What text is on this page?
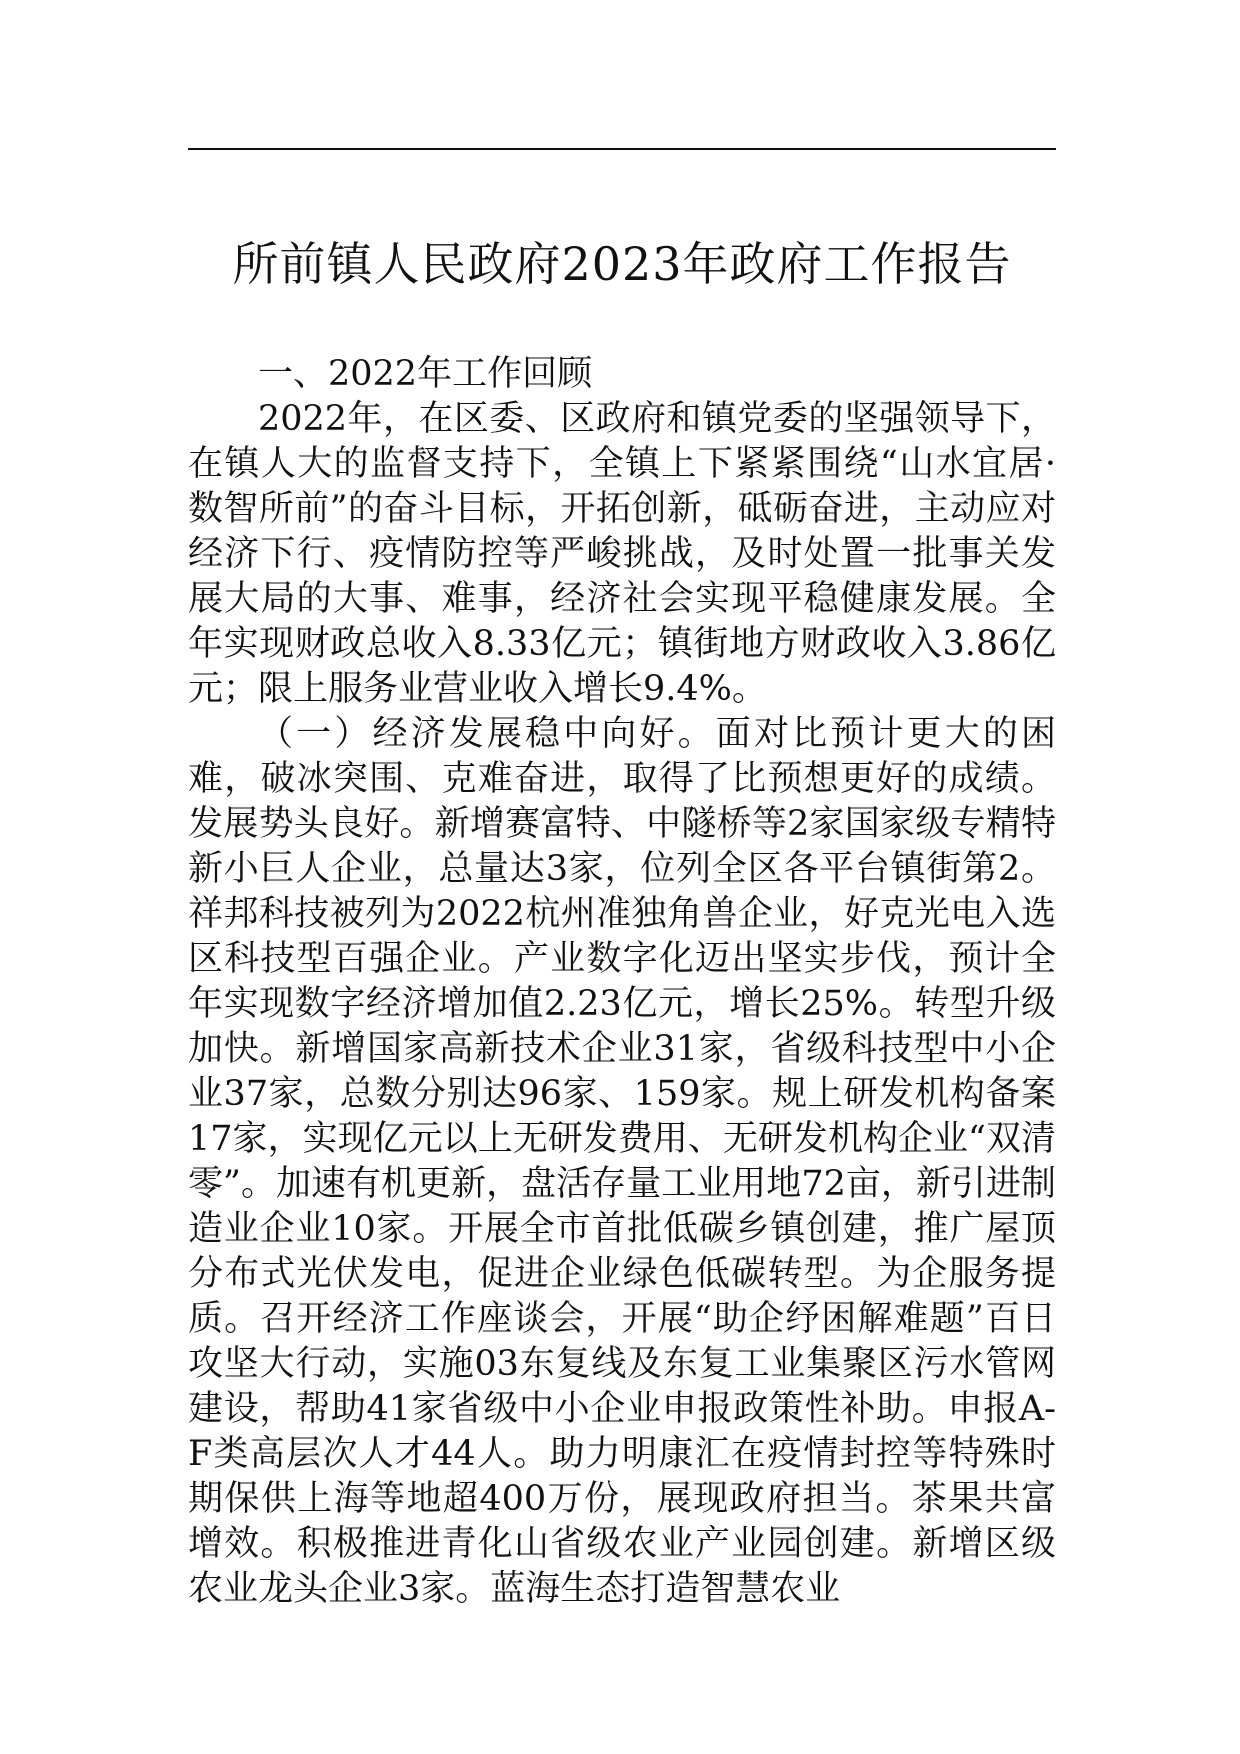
所前镇人民政府2023年政府工作报告

一、2022年工作回顾

2022年，在区委、区政府和镇党委的坚强领导下，在镇人大的监督支持下，全镇上下紧紧围绕“山水宜居·数智所前”的奋斗目标，开拓创新，砥砺奋进，主动应对经济下行、疫情防控等严峻挑战，及时处置一批事关发展大局的大事、难事，经济社会实现平稳健康发展。全年实现财政总收入8.33亿元；镇街地方财政收入3.86亿元；限上服务业营业收入增长9.4%。

（一）经济发展稳中向好。面对比预计更大的困难，破冰突围、克难奋进，取得了比预想更好的成绩。发展势头良好。新增赛富特、中隧桥等2家国家级专精特新小巨人企业，总量达3家，位列全区各平台镇街第2。祥邦科技被列为2022杭州准独角兽企业，好克光电入选区科技型百强企业。产业数字化迈出坚实步伐，预计全年实现数字经济增加值2.23亿元，增长25%。转型升级加快。新增国家高新技术企业31家，省级科技型中小企业37家，总数分别达96家、159家。规上研发机构备案17家，实现亿元以上无研发费用、无研发机构企业“双清零”。加速有机更新，盘活存量工业用地72亩，新引进制造业企业10家。开展全市首批低碳乡镇创建，推广屋顶分布式光伏发电，促进企业绿色低碳转型。为企服务提质。召开经济工作座谈会，开展“助企纾困解难题”百日攻坚大行动，实施03东复线及东复工业集聚区污水管网建设，帮助41家省级中小企业申报政策性补助。申报A-F类高层次人才44人。助力明康汇在疫情封控等特殊时期保供上海等地超400万份，展现政府担当。茶果共富增效。积极推进青化山省级农业产业园创建。新增区级农业龙头企业3家。蓝海生态打造智慧农业
